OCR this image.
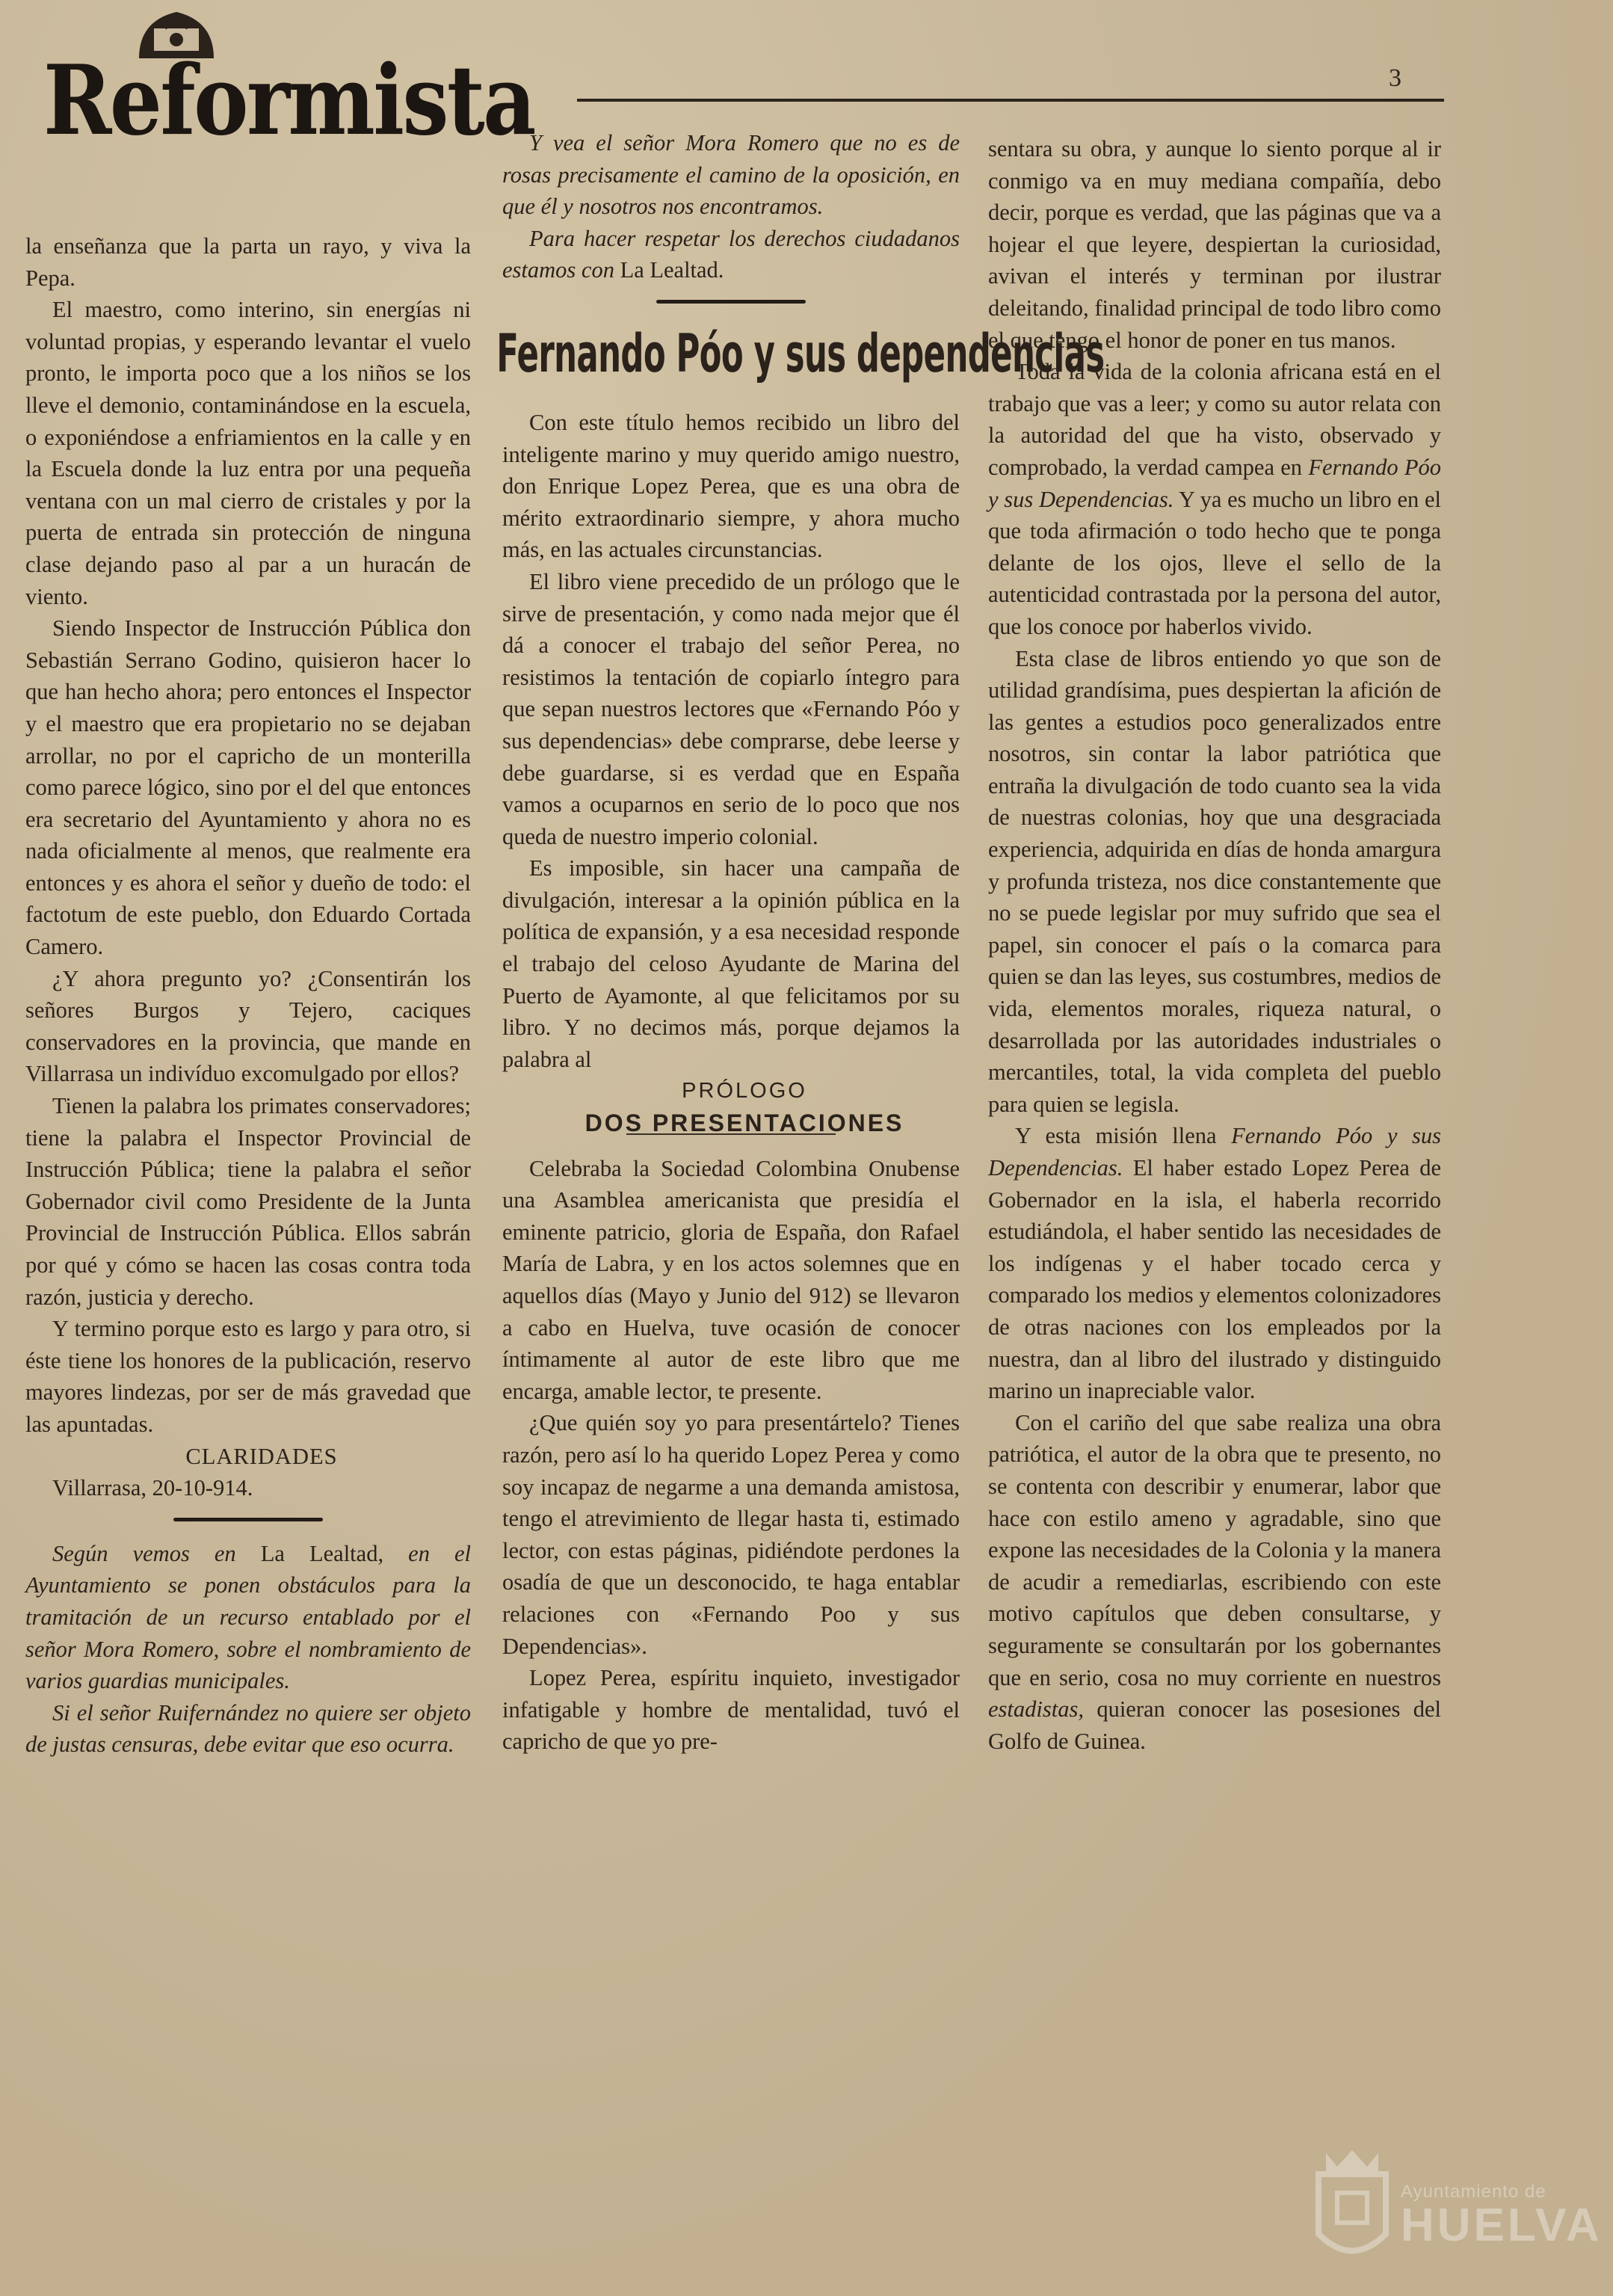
Reformista	3

la enseñanza que la parta un rayo, y viva la Pepa.

El maestro, como interino, sin energías ni voluntad propias, y esperando levantar el vuelo pronto, le importa poco que a los niños se los lleve el demonio, contaminándose en la escuela, o exponiéndose a enfriamientos en la calle y en la Escuela donde la luz entra por una pequeña ventana con un mal cierro de cristales y por la puerta de entrada sin protección de ninguna clase dejando paso al par a un huracán de viento.

Siendo Inspector de Instrucción Pública don Sebastián Serrano Godino, quisieron hacer lo que han hecho ahora; pero entonces el Inspector y el maestro que era propietario no se dejaban arrollar, no por el capricho de un monterilla como parece lógico, sino por el del que entonces era secretario del Ayuntamiento y ahora no es nada oficialmente al menos, que realmente era entonces y es ahora el señor y dueño de todo: el factotum de este pueblo, don Eduardo Cortada Camero.

¿Y ahora pregunto yo? ¿Consentirán los señores Burgos y Tejero, caciques conservadores en la provincia, que mande en Villarrasa un indivíduo excomulgado por ellos?

Tienen la palabra los primates conservadores; tiene la palabra el Inspector Provincial de Instrucción Pública; tiene la palabra el señor Gobernador civil como Presidente de la Junta Provincial de Instrucción Pública. Ellos sabrán por qué y cómo se hacen las cosas contra toda razón, justicia y derecho.

Y termino porque esto es largo y para otro, si éste tiene los honores de la publicación, reservo mayores lindezas, por ser de más gravedad que las apuntadas.

CLARIDADES

Villarrasa, 20-10-914.

Según vemos en La Lealtad, en el Ayuntamiento se ponen obstáculos para la tramitación de un recurso entablado por el señor Mora Romero, sobre el nombramiento de varios guardias municipales.

Si el señor Ruifernández no quiere ser objeto de justas censuras, debe evitar que eso ocurra.

Y vea el señor Mora Romero que no es de rosas precisamente el camino de la oposición, en que él y nosotros nos encontramos.

Para hacer respetar los derechos ciudadanos estamos con La Lealtad.

Fernando Póo y sus dependencias

Con este título hemos recibido un libro del inteligente marino y muy querido amigo nuestro, don Enrique Lopez Perea, que es una obra de mérito extraordinario siempre, y ahora mucho más, en las actuales circunstancias.

El libro viene precedido de un prólogo que le sirve de presentación, y como nada mejor que él dá a conocer el trabajo del señor Perea, no resistimos la tentación de copiarlo íntegro para que sepan nuestros lectores que «Fernando Póo y sus dependencias» debe comprarse, debe leerse y debe guardarse, si es verdad que en España vamos a ocuparnos en serio de lo poco que nos queda de nuestro imperio colonial.

Es imposible, sin hacer una campaña de divulgación, interesar a la opinión pública en la política de expansión, y a esa necesidad responde el trabajo del celoso Ayudante de Marina del Puerto de Ayamonte, al que felicitamos por su libro. Y no decimos más, porque dejamos la palabra al

PRÓLOGO

DOS PRESENTACIONES

Celebraba la Sociedad Colombina Onubense una Asamblea americanista que presidía el eminente patricio, gloria de España, don Rafael María de Labra, y en los actos solemnes que en aquellos días (Mayo y Junio del 912) se llevaron a cabo en Huelva, tuve ocasión de conocer íntimamente al autor de este libro que me encarga, amable lector, te presente.

¿Que quién soy yo para presentártelo? Tienes razón, pero así lo ha querido Lopez Perea y como soy incapaz de negarme a una demanda amistosa, tengo el atrevimiento de llegar hasta ti, estimado lector, con estas páginas, pidiéndote perdones la osadía de que un desconocido, te haga entablar relaciones con «Fernando Poo y sus Dependencias».

Lopez Perea, espíritu inquieto, investigador infatigable y hombre de mentalidad, tuvó el capricho de que yo pre-

sentara su obra, y aunque lo siento porque al ir conmigo va en muy mediana compañía, debo decir, porque es verdad, que las páginas que va a hojear el que leyere, despiertan la curiosidad, avivan el interés y terminan por ilustrar deleitando, finalidad principal de todo libro como el que tengo el honor de poner en tus manos.

Toda la vida de la colonia africana está en el trabajo que vas a leer; y como su autor relata con la autoridad del que ha visto, observado y comprobado, la verdad campea en Fernando Póo y sus Dependencias. Y ya es mucho un libro en el que toda afirmación o todo hecho que te ponga delante de los ojos, lleve el sello de la autenticidad contrastada por la persona del autor, que los conoce por haberlos vivido.

Esta clase de libros entiendo yo que son de utilidad grandísima, pues despiertan la afición de las gentes a estudios poco generalizados entre nosotros, sin contar la labor patriótica que entraña la divulgación de todo cuanto sea la vida de nuestras colonias, hoy que una desgraciada experiencia, adquirida en días de honda amargura y profunda tristeza, nos dice constantemente que no se puede legislar por muy sufrido que sea el papel, sin conocer el país o la comarca para quien se dan las leyes, sus costumbres, medios de vida, elementos morales, riqueza natural, o desarrollada por las autoridades industriales o mercantiles, total, la vida completa del pueblo para quien se legisla.

Y esta misión llena Fernando Póo y sus Dependencias. El haber estado Lopez Perea de Gobernador en la isla, el haberla recorrido estudiándola, el haber sentido las necesidades de los indígenas y el haber tocado cerca y comparado los medios y elementos colonizadores de otras naciones con los empleados por la nuestra, dan al libro del ilustrado y distinguido marino un inapreciable valor.

Con el cariño del que sabe realiza una obra patriótica, el autor de la obra que te presento, no se contenta con describir y enumerar, labor que hace con estilo ameno y agradable, sino que expone las necesidades de la Colonia y la manera de acudir a remediarlas, escribiendo con este motivo capítulos que deben consultarse, y seguramente se consultarán por los gobernantes que en serio, cosa no muy corriente en nuestros estadistas, quieran conocer las posesiones del Golfo de Guinea.

Ayuntamiento de
HUELVA
